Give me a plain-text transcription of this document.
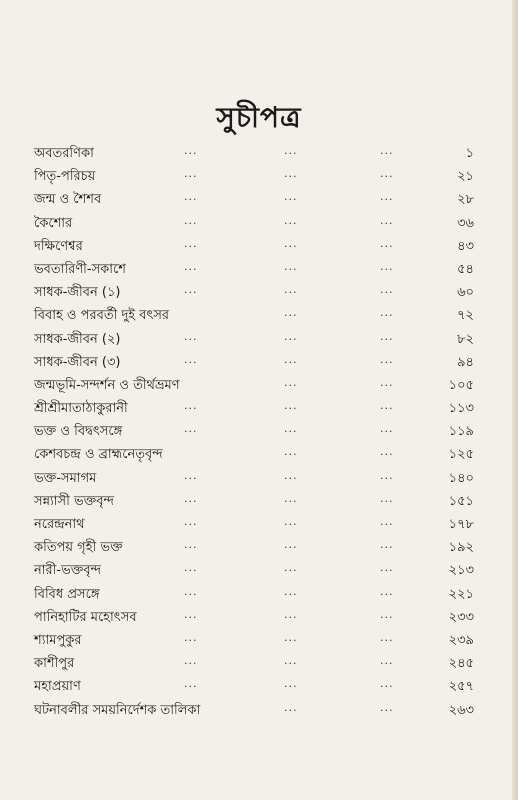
সুচীপত্র
অবতরণিকা	...	...	...	১
পিতৃ-পরিচয়	...	...	...	২১
জন্ম ও শৈশব	...	...	...	২৮
কৈশোর	...	...	...	৩৬
দক্ষিণেশ্বর	...	...	...	৪৩
ভবতারিণী-সকাশে	...	...	...	৫৪
সাধক-জীবন (১)	...	...	...	৬০
বিবাহ ও পরবর্তী দুই বৎসর	...	...	৭২
সাধক-জীবন (২)	...	...	...	৮২
সাধক-জীবন (৩)	...	...	...	৯৪
জন্মভূমি-সন্দর্শন ও তীর্থভ্রমণ	...	...	১০৫
শ্রীশ্রীমাতাঠাকুরানী	...	...	...	১১৩
ভক্ত ও বিদ্বৎসঙ্গে	...	...	...	১১৯
কেশবচন্দ্র ও ব্রাহ্মনেতৃবৃন্দ	...	...	১২৫
ভক্ত-সমাগম	...	...	...	১৪০
সন্ন্যাসী ভক্তবৃন্দ	...	...	...	১৫১
নরেন্দ্রনাথ	...	...	...	১৭৮
কতিপয় গৃহী ভক্ত	...	...	...	১৯২
নারী-ভক্তবৃন্দ	...	...	...	২১৩
বিবিধ প্রসঙ্গে	...	...	...	২২১
পানিহাটির মহোৎসব	...	...	...	২৩৩
শ্যামপুকুর	...	...	...	২৩৯
কাশীপুর	...	...	...	২৪৫
মহাপ্রয়াণ	...	...	...	২৫৭
ঘটনাবলীর সময়নির্দেশক তালিকা	...	...	২৬৩
